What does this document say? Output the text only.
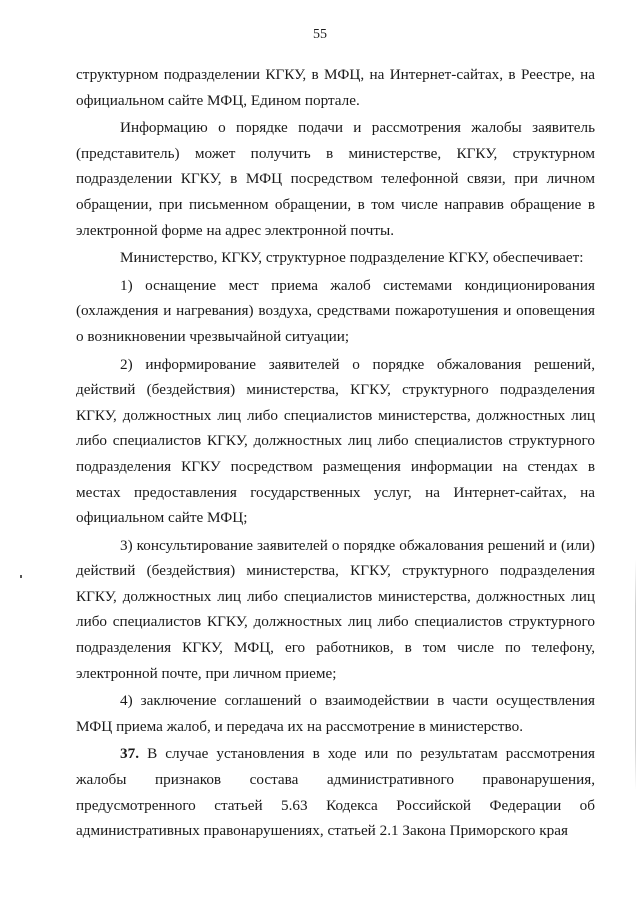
55

структурном подразделении КГКУ, в МФЦ, на Интернет-сайтах, в Реестре, на официальном сайте МФЦ, Едином портале.

Информацию о порядке подачи и рассмотрения жалобы заявитель (представитель) может получить в министерстве, КГКУ, структурном подразделении КГКУ, в МФЦ посредством телефонной связи, при личном обращении, при письменном обращении, в том числе направив обращение в электронной форме на адрес электронной почты.

Министерство, КГКУ, структурное подразделение КГКУ, обеспечивает:

1) оснащение мест приема жалоб системами кондиционирования (охлаждения и нагревания) воздуха, средствами пожаротушения и оповещения о возникновении чрезвычайной ситуации;

2) информирование заявителей о порядке обжалования решений, действий (бездействия) министерства, КГКУ, структурного подразделения КГКУ, должностных лиц либо специалистов министерства, должностных лиц либо специалистов КГКУ, должностных лиц либо специалистов структурного подразделения КГКУ посредством размещения информации на стендах в местах предоставления государственных услуг, на Интернет-сайтах, на официальном сайте МФЦ;

3) консультирование заявителей о порядке обжалования решений и (или) действий (бездействия) министерства, КГКУ, структурного подразделения КГКУ, должностных лиц либо специалистов министерства, должностных лиц либо специалистов КГКУ, должностных лиц либо специалистов структурного подразделения КГКУ, МФЦ, его работников, в том числе по телефону, электронной почте, при личном приеме;

4) заключение соглашений о взаимодействии в части осуществления МФЦ приема жалоб, и передача их на рассмотрение в министерство.

37. В случае установления в ходе или по результатам рассмотрения жалобы признаков состава административного правонарушения, предусмотренного статьей 5.63 Кодекса Российской Федерации об административных правонарушениях, статьей 2.1 Закона Приморского края
